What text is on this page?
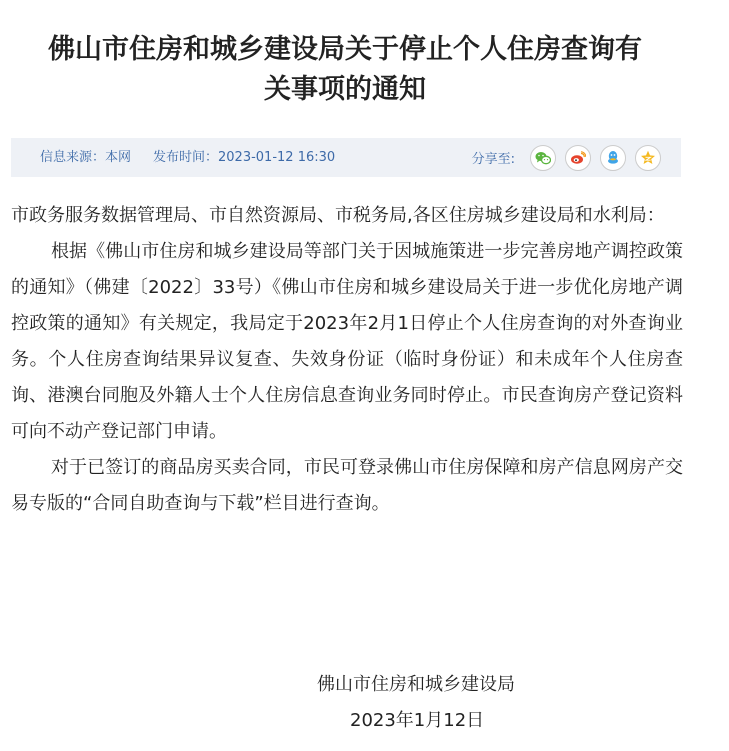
佛山市住房和城乡建设局关于停止个人住房查询有
关事项的通知
信息来源：本网 发布时间：2023-01-12 16:30	分享至:

市政务服务数据管理局、市自然资源局、市税务局,各区住房城乡建设局和水利局：

根据《佛山市住房和城乡建设局等部门关于因城施策进一步完善房地产调控政策的通知》（佛建〔2022〕33号）《佛山市住房和城乡建设局关于进一步优化房地产调控政策的通知》有关规定，我局定于2023年2月1日停止个人住房查询的对外查询业务。个人住房查询结果异议复查、失效身份证（临时身份证）和未成年个人住房查询、港澳台同胞及外籍人士个人住房信息查询业务同时停止。市民查询房产登记资料可向不动产登记部门申请。

对于已签订的商品房买卖合同，市民可登录佛山市住房保障和房产信息网房产交易专版的“合同自助查询与下载”栏目进行查询。

佛山市住房和城乡建设局
2023年1月12日
